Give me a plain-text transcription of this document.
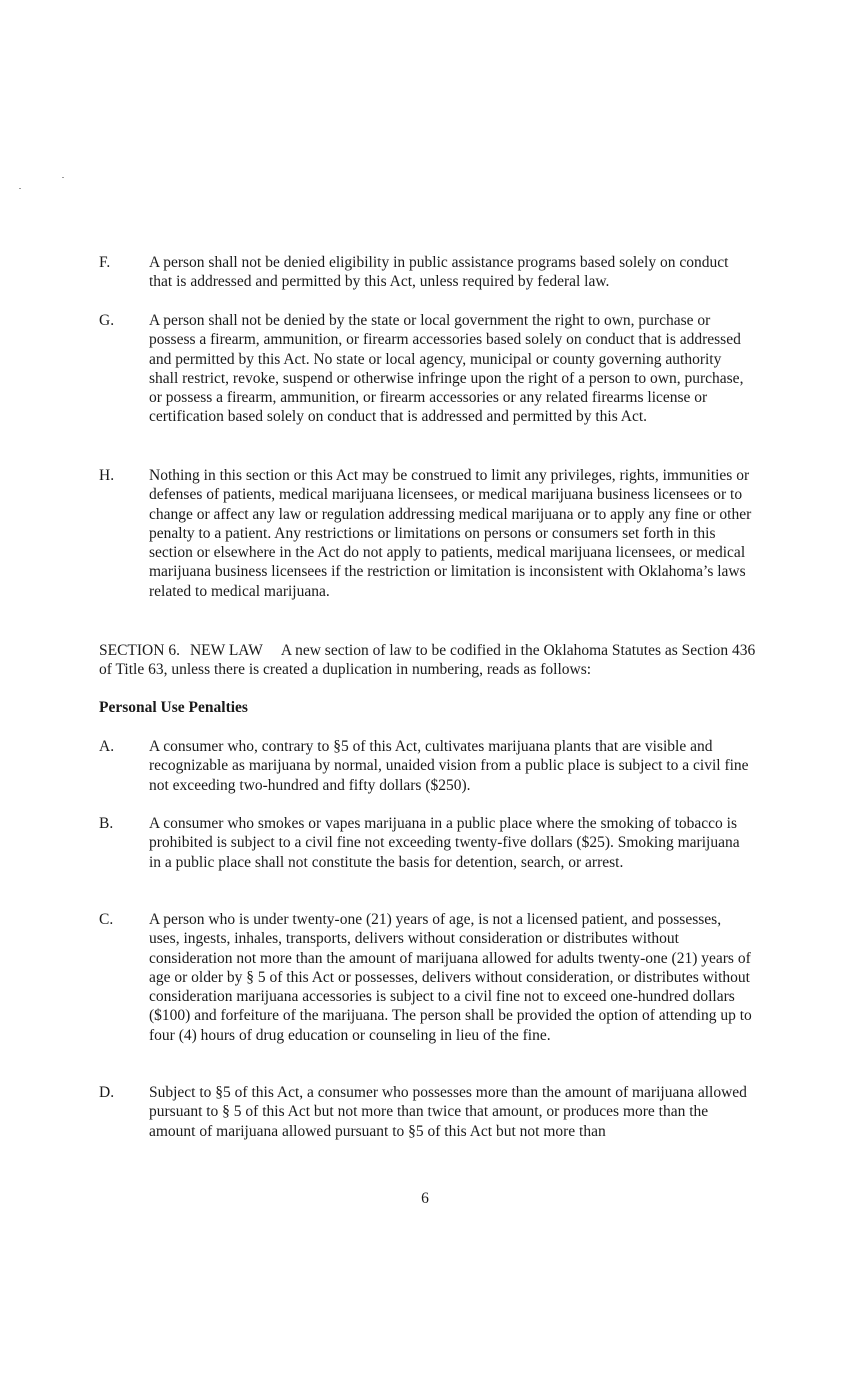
F. A person shall not be denied eligibility in public assistance programs based solely on conduct that is addressed and permitted by this Act, unless required by federal law.
G. A person shall not be denied by the state or local government the right to own, purchase or possess a firearm, ammunition, or firearm accessories based solely on conduct that is addressed and permitted by this Act. No state or local agency, municipal or county governing authority shall restrict, revoke, suspend or otherwise infringe upon the right of a person to own, purchase, or possess a firearm, ammunition, or firearm accessories or any related firearms license or certification based solely on conduct that is addressed and permitted by this Act.
H. Nothing in this section or this Act may be construed to limit any privileges, rights, immunities or defenses of patients, medical marijuana licensees, or medical marijuana business licensees or to change or affect any law or regulation addressing medical marijuana or to apply any fine or other penalty to a patient. Any restrictions or limitations on persons or consumers set forth in this section or elsewhere in the Act do not apply to patients, medical marijuana licensees, or medical marijuana business licensees if the restriction or limitation is inconsistent with Oklahoma’s laws related to medical marijuana.
SECTION 6. NEW LAW A new section of law to be codified in the Oklahoma Statutes as Section 436 of Title 63, unless there is created a duplication in numbering, reads as follows:
Personal Use Penalties
A. A consumer who, contrary to §5 of this Act, cultivates marijuana plants that are visible and recognizable as marijuana by normal, unaided vision from a public place is subject to a civil fine not exceeding two-hundred and fifty dollars ($250).
B. A consumer who smokes or vapes marijuana in a public place where the smoking of tobacco is prohibited is subject to a civil fine not exceeding twenty-five dollars ($25). Smoking marijuana in a public place shall not constitute the basis for detention, search, or arrest.
C. A person who is under twenty-one (21) years of age, is not a licensed patient, and possesses, uses, ingests, inhales, transports, delivers without consideration or distributes without consideration not more than the amount of marijuana allowed for adults twenty-one (21) years of age or older by § 5 of this Act or possesses, delivers without consideration, or distributes without consideration marijuana accessories is subject to a civil fine not to exceed one-hundred dollars ($100) and forfeiture of the marijuana. The person shall be provided the option of attending up to four (4) hours of drug education or counseling in lieu of the fine.
D. Subject to §5 of this Act, a consumer who possesses more than the amount of marijuana allowed pursuant to § 5 of this Act but not more than twice that amount, or produces more than the amount of marijuana allowed pursuant to §5 of this Act but not more than
6
